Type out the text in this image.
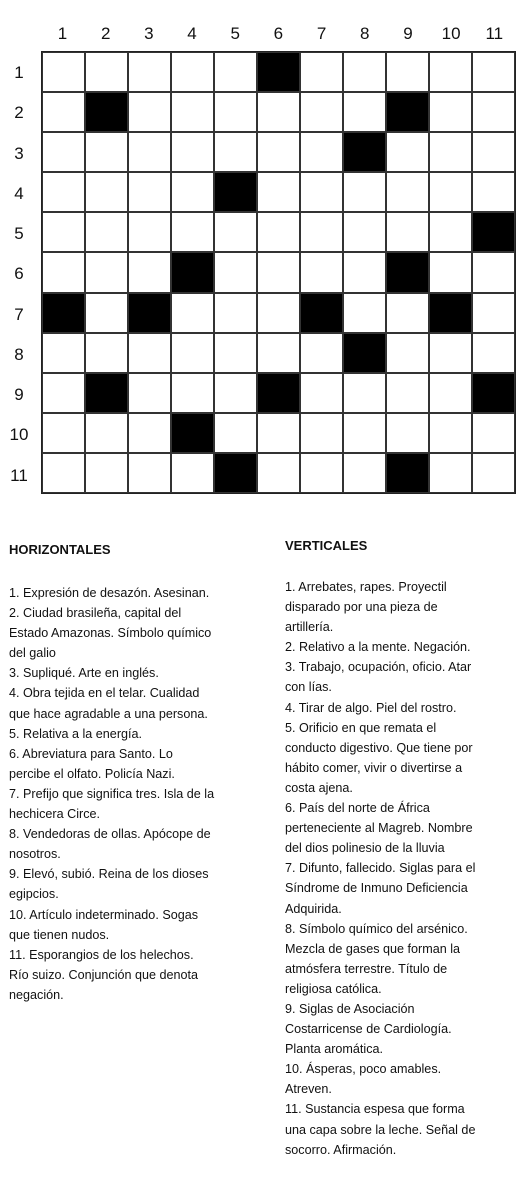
1	2	3	4	5	6	7	8	9	10	11
1
2
3
4
5
6
7
8
9
10
11
HORIZONTALES
1. Expresión de desazón. Asesinan.
2. Ciudad brasileña, capital del
Estado Amazonas. Símbolo químico
del galio
3. Supliqué. Arte en inglés.
4. Obra tejida en el telar. Cualidad
que hace agradable a una persona.
5. Relativa a la energía.
6. Abreviatura para Santo. Lo
percibe el olfato. Policía Nazi.
7. Prefijo que significa tres. Isla de la
hechicera Circe.
8. Vendedoras de ollas. Apócope de
nosotros.
9. Elevó, subió. Reina de los dioses
egipcios.
10. Artículo indeterminado. Sogas
que tienen nudos.
11. Esporangios de los helechos.
Río suizo. Conjunción que denota
negación.
VERTICALES
1. Arrebates, rapes. Proyectil
disparado por una pieza de
artillería.
2. Relativo a la mente. Negación.
3. Trabajo, ocupación, oficio. Atar
con lías.
4. Tirar de algo. Piel del rostro.
5. Orificio en que remata el
conducto digestivo. Que tiene por
hábito comer, vivir o divertirse a
costa ajena.
6. País del norte de África
perteneciente al Magreb. Nombre
del dios polinesio de la lluvia
7. Difunto, fallecido. Siglas para el
Síndrome de Inmuno Deficiencia
Adquirida.
8. Símbolo químico del arsénico.
Mezcla de gases que forman la
atmósfera terrestre. Título de
religiosa católica.
9. Siglas de Asociación
Costarricense de Cardiología.
Planta aromática.
10. Ásperas, poco amables.
Atreven.
11. Sustancia espesa que forma
una capa sobre la leche. Señal de
socorro. Afirmación.
